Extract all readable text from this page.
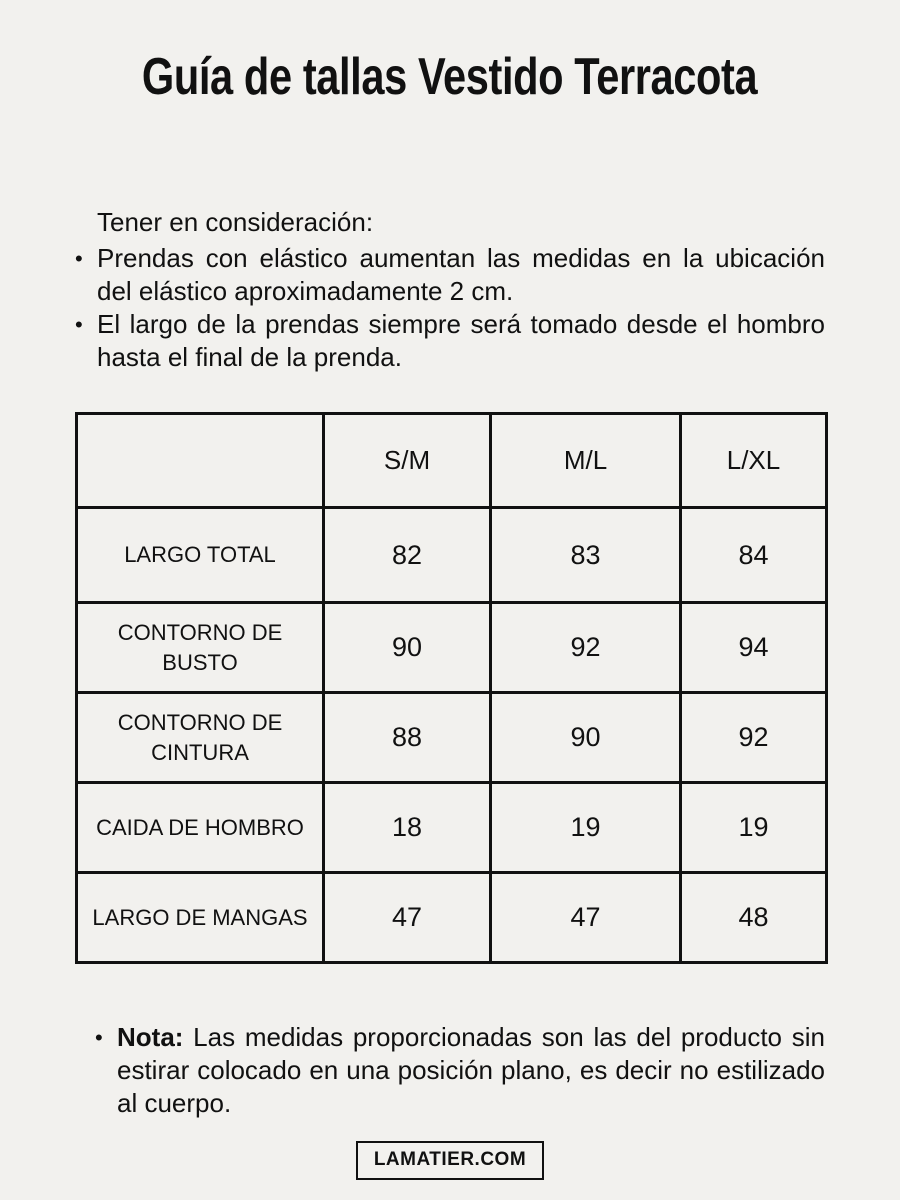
Guía de tallas Vestido Terracota

Tener en consideración:

• Prendas con elástico aumentan las medidas en la ubicación del elástico aproximadamente 2 cm.

• El largo de la prendas siempre será tomado desde el hombro hasta el final de la prenda.

	S/M	M/L	L/XL
LARGO TOTAL	82	83	84
CONTORNO DE BUSTO	90	92	94
CONTORNO DE CINTURA	88	90	92
CAIDA DE HOMBRO	18	19	19
LARGO DE MANGAS	47	47	48
• Nota: Las medidas proporcionadas son las del producto sin estirar colocado en una posición plano, es decir no estilizado al cuerpo.

LAMATIER.COM
